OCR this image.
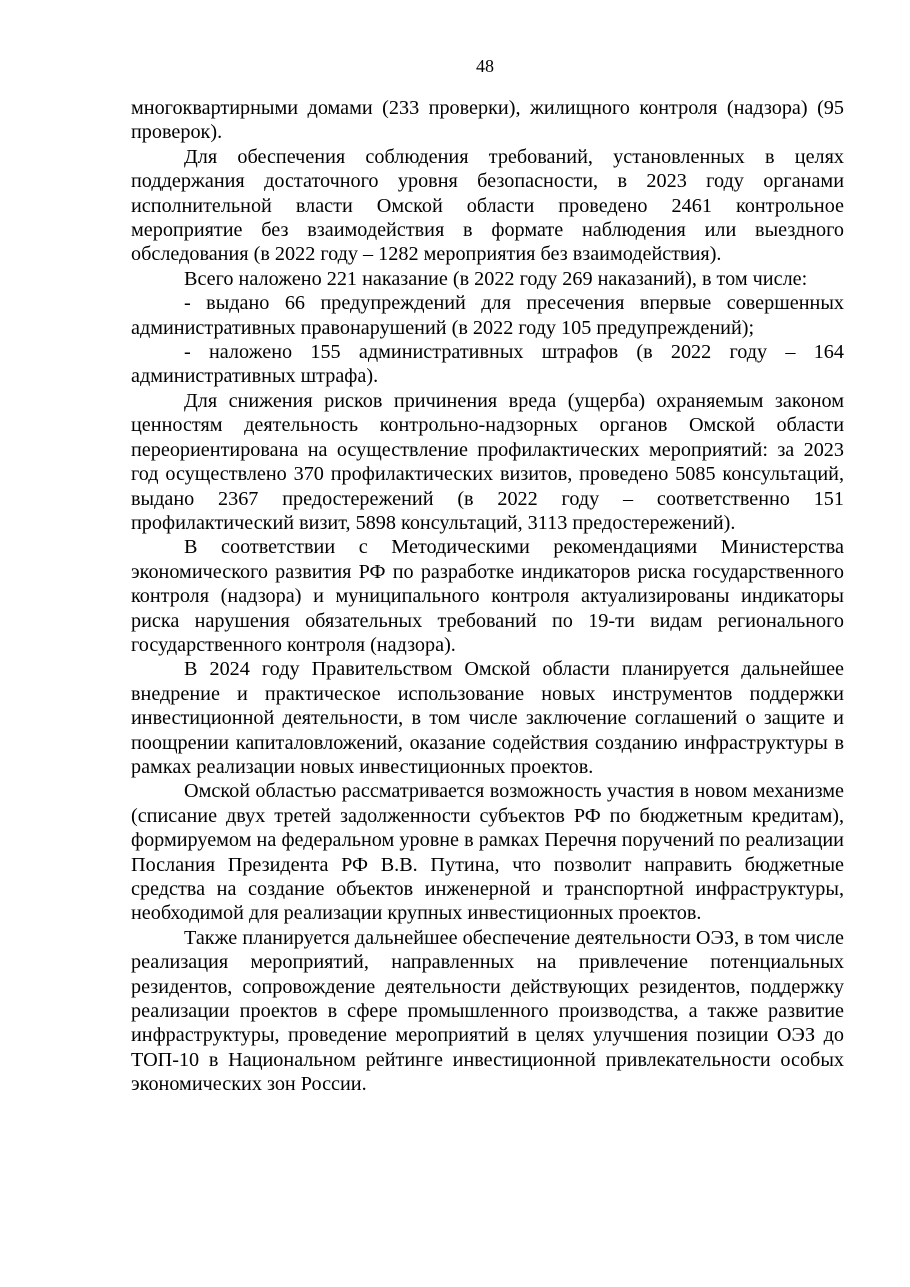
48

многоквартирными домами (233 проверки), жилищного контроля (надзора) (95 проверок).

Для обеспечения соблюдения требований, установленных в целях поддержания достаточного уровня безопасности, в 2023 году органами исполнительной власти Омской области проведено 2461 контрольное мероприятие без взаимодействия в формате наблюдения или выездного обследования (в 2022 году – 1282 мероприятия без взаимодействия).

Всего наложено 221 наказание (в 2022 году 269 наказаний), в том числе:

- выдано 66 предупреждений для пресечения впервые совершенных административных правонарушений (в 2022 году 105 предупреждений);

- наложено 155 административных штрафов (в 2022 году – 164 административных штрафа).

Для снижения рисков причинения вреда (ущерба) охраняемым законом ценностям деятельность контрольно-надзорных органов Омской области переориентирована на осуществление профилактических мероприятий: за 2023 год осуществлено 370 профилактических визитов, проведено 5085 консультаций, выдано 2367 предостережений (в 2022 году – соответственно 151 профилактический визит, 5898 консультаций, 3113 предостережений).

В соответствии с Методическими рекомендациями Министерства экономического развития РФ по разработке индикаторов риска государственного контроля (надзора) и муниципального контроля актуализированы индикаторы риска нарушения обязательных требований по 19-ти видам регионального государственного контроля (надзора).

В 2024 году Правительством Омской области планируется дальнейшее внедрение и практическое использование новых инструментов поддержки инвестиционной деятельности, в том числе заключение соглашений о защите и поощрении капиталовложений, оказание содействия созданию инфраструктуры в рамках реализации новых инвестиционных проектов.

Омской областью рассматривается возможность участия в новом механизме (списание двух третей задолженности субъектов РФ по бюджетным кредитам), формируемом на федеральном уровне в рамках Перечня поручений по реализации Послания Президента РФ В.В. Путина, что позволит направить бюджетные средства на создание объектов инженерной и транспортной инфраструктуры, необходимой для реализации крупных инвестиционных проектов.

Также планируется дальнейшее обеспечение деятельности ОЭЗ, в том числе реализация мероприятий, направленных на привлечение потенциальных резидентов, сопровождение деятельности действующих резидентов, поддержку реализации проектов в сфере промышленного производства, а также развитие инфраструктуры, проведение мероприятий в целях улучшения позиции ОЭЗ до ТОП-10 в Национальном рейтинге инвестиционной привлекательности особых экономических зон России.
